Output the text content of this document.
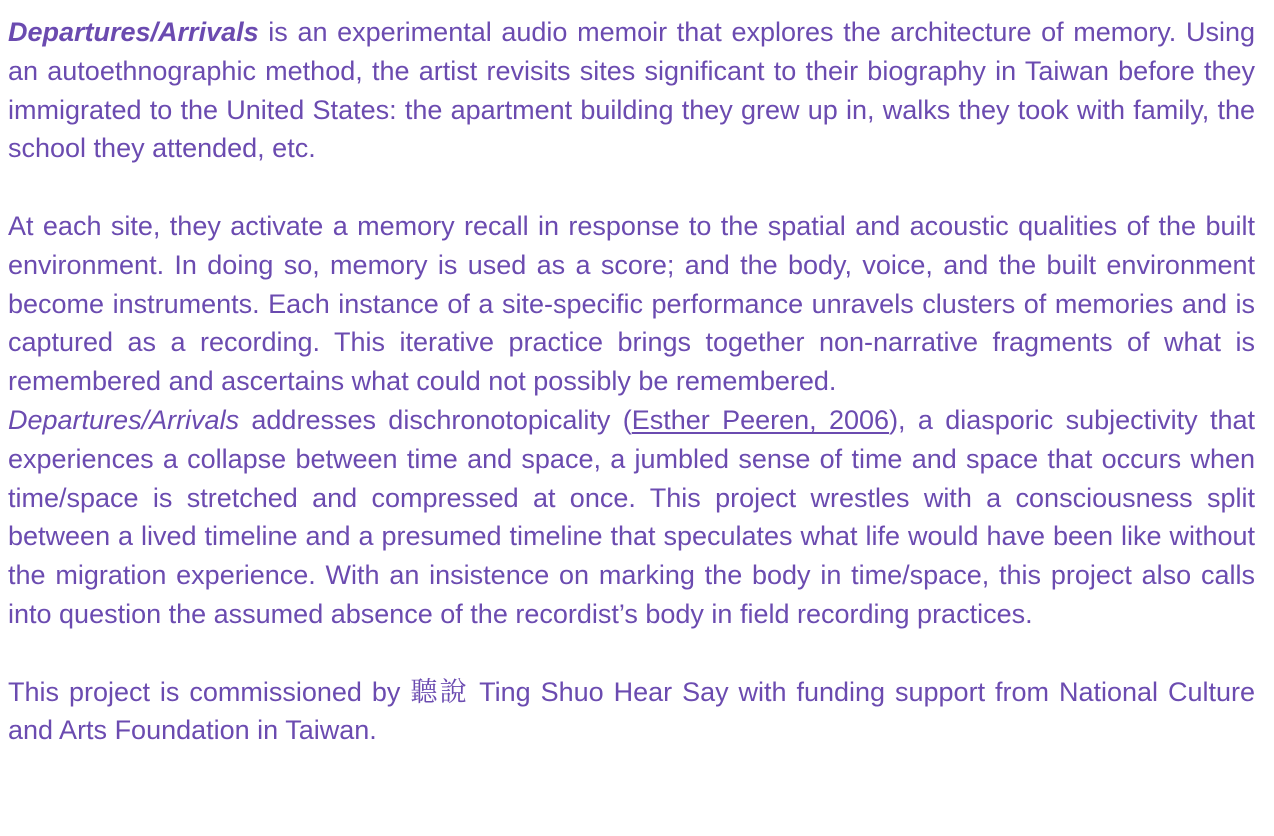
Departures/Arrivals is an experimental audio memoir that explores the architecture of memory. Using an autoethnographic method, the artist revisits sites significant to their biography in Taiwan before they immigrated to the United States: the apartment building they grew up in, walks they took with family, the school they attended, etc.

At each site, they activate a memory recall in response to the spatial and acoustic qualities of the built environment. In doing so, memory is used as a score; and the body, voice, and the built environment become instruments. Each instance of a site-specific performance unravels clusters of memories and is captured as a recording. This iterative practice brings together non-narrative fragments of what is remembered and ascertains what could not possibly be remembered.

Departures/Arrivals addresses dischronotopicality (Esther Peeren, 2006), a diasporic subjectivity that experiences a collapse between time and space, a jumbled sense of time and space that occurs when time/space is stretched and compressed at once. This project wrestles with a consciousness split between a lived timeline and a presumed timeline that speculates what life would have been like without the migration experience. With an insistence on marking the body in time/space, this project also calls into question the assumed absence of the recordist’s body in field recording practices.

This project is commissioned by 聽說 Ting Shuo Hear Say with funding support from National Culture and Arts Foundation in Taiwan.
